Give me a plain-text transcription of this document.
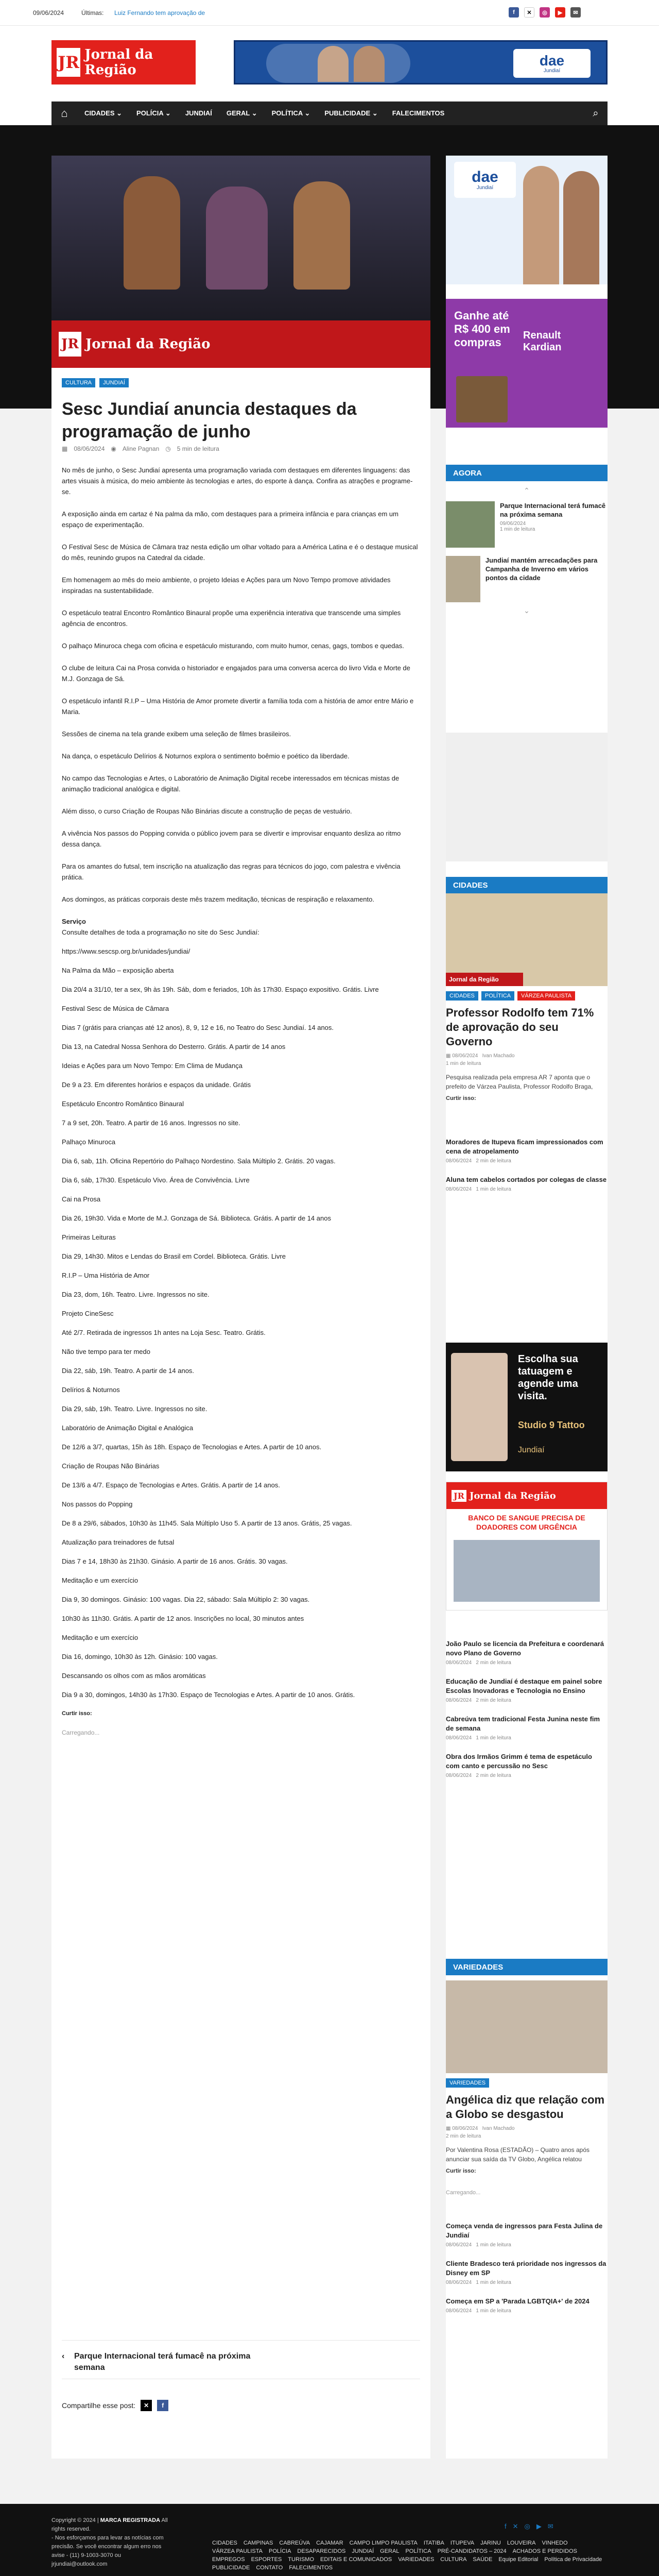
09/06/2024	Últimas: Luiz Fernando tem aprovação de	f	✕	◎	▶	✉
JR Jornal da Região
dae
Jundiaí
⌂	CIDADES ⌄	POLÍCIA ⌄	JUNDIAÍ	GERAL ⌄	POLÍTICA ⌄	PUBLICIDADE ⌄	FALECIMENTOS	⌕
JR Jornal da Região
CULTURA	JUNDIAÍ
Sesc Jundiaí anuncia destaques da programação de junho
▦ 08/06/2024 ◉ Aline Pagnan ◷ 5 min de leitura

No mês de junho, o Sesc Jundiaí apresenta uma programação variada com destaques em diferentes linguagens: das artes visuais à música, do meio ambiente às tecnologias e artes, do esporte à dança. Confira as atrações e programe-se.

A exposição ainda em cartaz é Na palma da mão, com destaques para a primeira infância e para crianças em um espaço de experimentação.

O Festival Sesc de Música de Câmara traz nesta edição um olhar voltado para a América Latina e é o destaque musical do mês, reunindo grupos na Catedral da cidade.

Em homenagem ao mês do meio ambiente, o projeto Ideias e Ações para um Novo Tempo promove atividades inspiradas na sustentabilidade.

O espetáculo teatral Encontro Romântico Binaural propõe uma experiência interativa que transcende uma simples agência de encontros.

O palhaço Minuroca chega com oficina e espetáculo misturando, com muito humor, cenas, gags, tombos e quedas.

O clube de leitura Cai na Prosa convida o historiador e engajados para uma conversa acerca do livro Vida e Morte de M.J. Gonzaga de Sá.

O espetáculo infantil R.I.P – Uma História de Amor promete divertir a família toda com a história de amor entre Mário e Maria.

Sessões de cinema na tela grande exibem uma seleção de filmes brasileiros.

Na dança, o espetáculo Delírios & Noturnos explora o sentimento boêmio e poético da liberdade.

No campo das Tecnologias e Artes, o Laboratório de Animação Digital recebe interessados em técnicas mistas de animação tradicional analógica e digital.

Além disso, o curso Criação de Roupas Não Binárias discute a construção de peças de vestuário.

A vivência Nos passos do Popping convida o público jovem para se divertir e improvisar enquanto desliza ao ritmo dessa dança.

Para os amantes do futsal, tem inscrição na atualização das regras para técnicos do jogo, com palestra e vivência prática.

Aos domingos, as práticas corporais deste mês trazem meditação, técnicas de respiração e relaxamento.

Serviço
Consulte detalhes de toda a programação no site do Sesc Jundiaí:

https://www.sescsp.org.br/unidades/jundiai/

Na Palma da Mão – exposição aberta

Dia 20/4 a 31/10, ter a sex, 9h às 19h. Sáb, dom e feriados, 10h às 17h30. Espaço expositivo. Grátis. Livre

Festival Sesc de Música de Câmara

Dias 7 (grátis para crianças até 12 anos), 8, 9, 12 e 16, no Teatro do Sesc Jundiaí. 14 anos.

Dia 13, na Catedral Nossa Senhora do Desterro. Grátis. A partir de 14 anos

Ideias e Ações para um Novo Tempo: Em Clima de Mudança

De 9 a 23. Em diferentes horários e espaços da unidade. Grátis

Espetáculo Encontro Romântico Binaural

7 a 9 set, 20h. Teatro. A partir de 16 anos. Ingressos no site.

Palhaço Minuroca

Dia 6, sab, 11h. Oficina Repertório do Palhaço Nordestino. Sala Múltiplo 2. Grátis. 20 vagas.

Dia 6, sáb, 17h30. Espetáculo Vivo. Área de Convivência. Livre

Cai na Prosa

Dia 26, 19h30. Vida e Morte de M.J. Gonzaga de Sá. Biblioteca. Grátis. A partir de 14 anos

Primeiras Leituras

Dia 29, 14h30. Mitos e Lendas do Brasil em Cordel. Biblioteca. Grátis. Livre

R.I.P – Uma História de Amor

Dia 23, dom, 16h. Teatro. Livre. Ingressos no site.

Projeto CineSesc

Até 2/7. Retirada de ingressos 1h antes na Loja Sesc. Teatro. Grátis.

Não tive tempo para ter medo

Dia 22, sáb, 19h. Teatro. A partir de 14 anos.

Delírios & Noturnos

Dia 29, sáb, 19h. Teatro. Livre. Ingressos no site.

Laboratório de Animação Digital e Analógica

De 12/6 a 3/7, quartas, 15h às 18h. Espaço de Tecnologias e Artes. A partir de 10 anos.

Criação de Roupas Não Binárias

De 13/6 a 4/7. Espaço de Tecnologias e Artes. Grátis. A partir de 14 anos.

Nos passos do Popping

De 8 a 29/6, sábados, 10h30 às 11h45. Sala Múltiplo Uso 5. A partir de 13 anos. Grátis, 25 vagas.

Atualização para treinadores de futsal

Dias 7 e 14, 18h30 às 21h30. Ginásio. A partir de 16 anos. Grátis. 30 vagas.

Meditação e um exercício

Dia 9, 30 domingos. Ginásio: 100 vagas. Dia 22, sábado: Sala Múltiplo 2: 30 vagas.

10h30 às 11h30. Grátis. A partir de 12 anos. Inscrições no local, 30 minutos antes

Meditação e um exercício

Dia 16, domingo, 10h30 às 12h. Ginásio: 100 vagas.

Descansando os olhos com as mãos aromáticas

Dia 9 a 30, domingos, 14h30 às 17h30. Espaço de Tecnologias e Artes. A partir de 10 anos. Grátis.

Curtir isso:

Carregando...

‹	Parque Internacional terá fumacê na próxima semana
Compartilhe esse post:	✕	f
dae
Jundiaí
Ganhe até R$ 400 em compras
Renault Kardian
AGORA
⌃
Parque Internacional terá fumacê na próxima semana
09/06/2024
1 min de leitura
Jundiaí mantém arrecadações para Campanha de Inverno em vários pontos da cidade
⌄
CIDADES
Jornal da Região
CIDADES	POLÍTICA	VÁRZEA PAULISTA
Professor Rodolfo tem 71% de aprovação do seu Governo
▦ 08/06/2024 Ivan Machado
1 min de leitura
Pesquisa realizada pela empresa AR 7 aponta que o prefeito de Várzea Paulista, Professor Rodolfo Braga,
Curtir isso:
Moradores de Itupeva ficam impressionados com cena de atropelamento
08/06/2024 2 min de leitura
Aluna tem cabelos cortados por colegas de classe
08/06/2024 1 min de leitura
Escolha sua
tatuagem e
agende uma
visita.
Studio 9 Tattoo
Jundiaí
JR Jornal da Região
BANCO DE SANGUE PRECISA DE DOADORES COM URGÊNCIA
João Paulo se licencia da Prefeitura e coordenará novo Plano de Governo
08/06/2024 2 min de leitura
Educação de Jundiaí é destaque em painel sobre Escolas Inovadoras e Tecnologia no Ensino
08/06/2024 2 min de leitura
Cabreúva tem tradicional Festa Junina neste fim de semana
08/06/2024 1 min de leitura
Obra dos Irmãos Grimm é tema de espetáculo com canto e percussão no Sesc
08/06/2024 2 min de leitura
VARIEDADES
VARIEDADES
Angélica diz que relação com a Globo se desgastou
▦ 08/06/2024 Ivan Machado
2 min de leitura
Por Valentina Rosa (ESTADÃO) – Quatro anos após anunciar sua saída da TV Globo, Angélica relatou
Curtir isso:
Carregando...
Começa venda de ingressos para Festa Julina de Jundiaí
08/06/2024 1 min de leitura
Cliente Bradesco terá prioridade nos ingressos da Disney em SP
08/06/2024 1 min de leitura
Começa em SP a 'Parada LGBTQIA+' de 2024
08/06/2024 1 min de leitura
Copyright © 2024 | MARCA REGISTRADA All rights reserved.
- Nos esforçamos para levar as notícias com precisão. Se você encontrar algum erro nos avise - (11) 9-1003-3070 ou jrjundiai@outlook.com
f ✕ ◎ ▶ ✉
CIDADES CAMPINAS CABREÚVA CAJAMAR CAMPO LIMPO PAULISTA ITATIBA ITUPEVA JARINU LOUVEIRA VINHEDO
VÁRZEA PAULISTA POLÍCIA DESAPARECIDOS JUNDIAÍ GERAL POLÍTICA PRÉ-CANDIDATOS – 2024 ACHADOS E PERDIDOS
EMPREGOS ESPORTES TURISMO EDITAIS E COMUNICADOS VARIEDADES CULTURA SAÚDE Equipe Editorial Política de Privacidade
PUBLICIDADE CONTATO FALECIMENTOS
